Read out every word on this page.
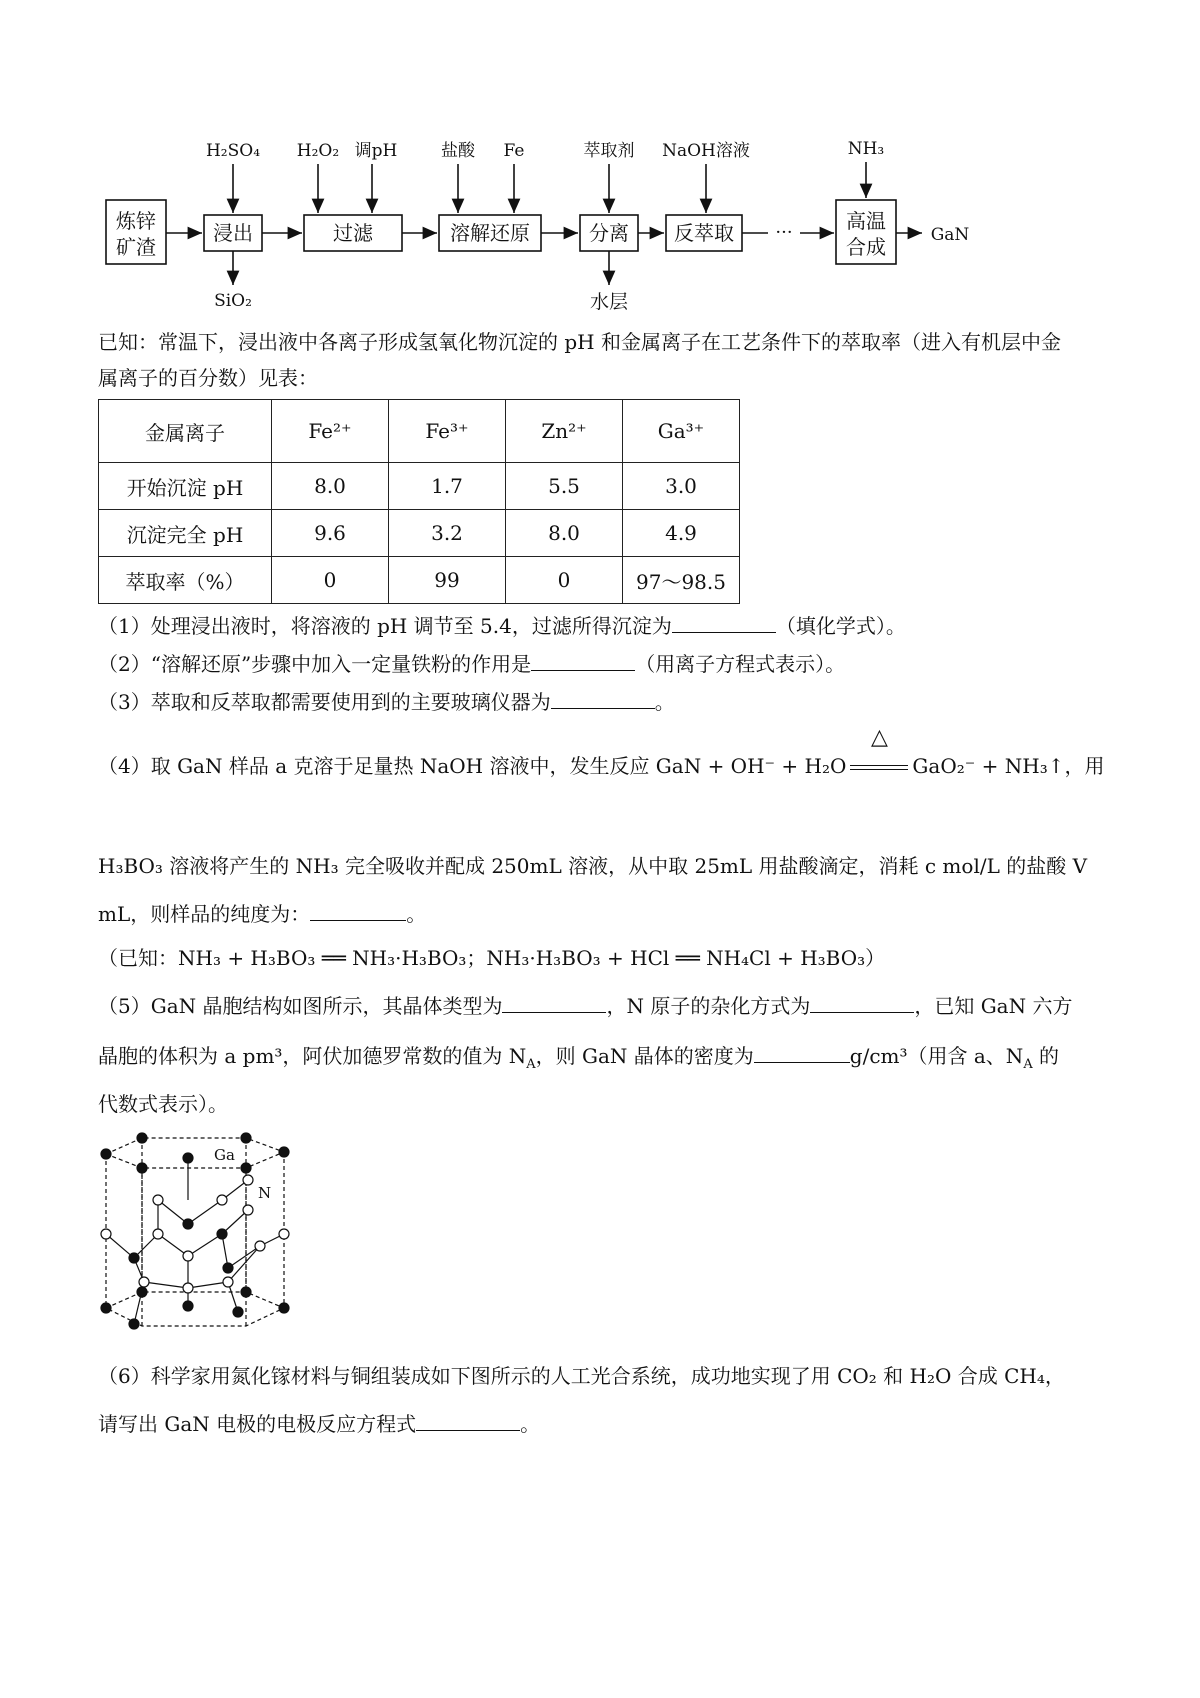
炼锌
矿渣
浸出	过滤	溶解还原	分离 反萃取	高温
合成
H₂SO₄ H₂O₂ 调pH	盐酸 Fe	萃取剂 NaOH溶液	NH₃
SiO₂	水层
···	GaN
已知：常温下，浸出液中各离子形成氢氧化物沉淀的 pH 和金属离子在工艺条件下的萃取率（进入有机层中金
属离子的百分数）见表：
金属离子	Fe²⁺	Fe³⁺	Zn²⁺	Ga³⁺
开始沉淀 pH	8.0	1.7	5.5	3.0
沉淀完全 pH	9.6	3.2	8.0	4.9
萃取率（%）	0	99	0	97～98.5
（1）处理浸出液时，将溶液的 pH 调节至 5.4，过滤所得沉淀为	（填化学式）。
（2）“溶解还原”步骤中加入一定量铁粉的作用是	（用离子方程式表示）。
（3）萃取和反萃取都需要使用到的主要玻璃仪器为	。
（4）取 GaN 样品 a 克溶于足量热 NaOH 溶液中，发生反应 GaN + OH⁻ + H₂O
△
GaO₂⁻ + NH₃↑，用
H₃BO₃ 溶液将产生的 NH₃ 完全吸收并配成 250mL 溶液，从中取 25mL 用盐酸滴定，消耗 c mol/L 的盐酸 V
mL，则样品的纯度为：	。
（已知：NH₃ + H₃BO₃ ══ NH₃·H₃BO₃；NH₃·H₃BO₃ + HCl ══ NH₄Cl + H₃BO₃）
（5）GaN 晶胞结构如图所示，其晶体类型为	，N 原子的杂化方式为	，已知 GaN 六方
晶胞的体积为 a pm³，阿伏加德罗常数的值为 $N_A$，则 GaN 晶体的密度为	g/cm³（用含 a、$N_A$ 的
代数式表示）。
Ga
N
（6）科学家用氮化镓材料与铜组装成如下图所示的人工光合系统，成功地实现了用 CO₂ 和 H₂O 合成 CH₄，
请写出 GaN 电极的电极反应方程式	。
